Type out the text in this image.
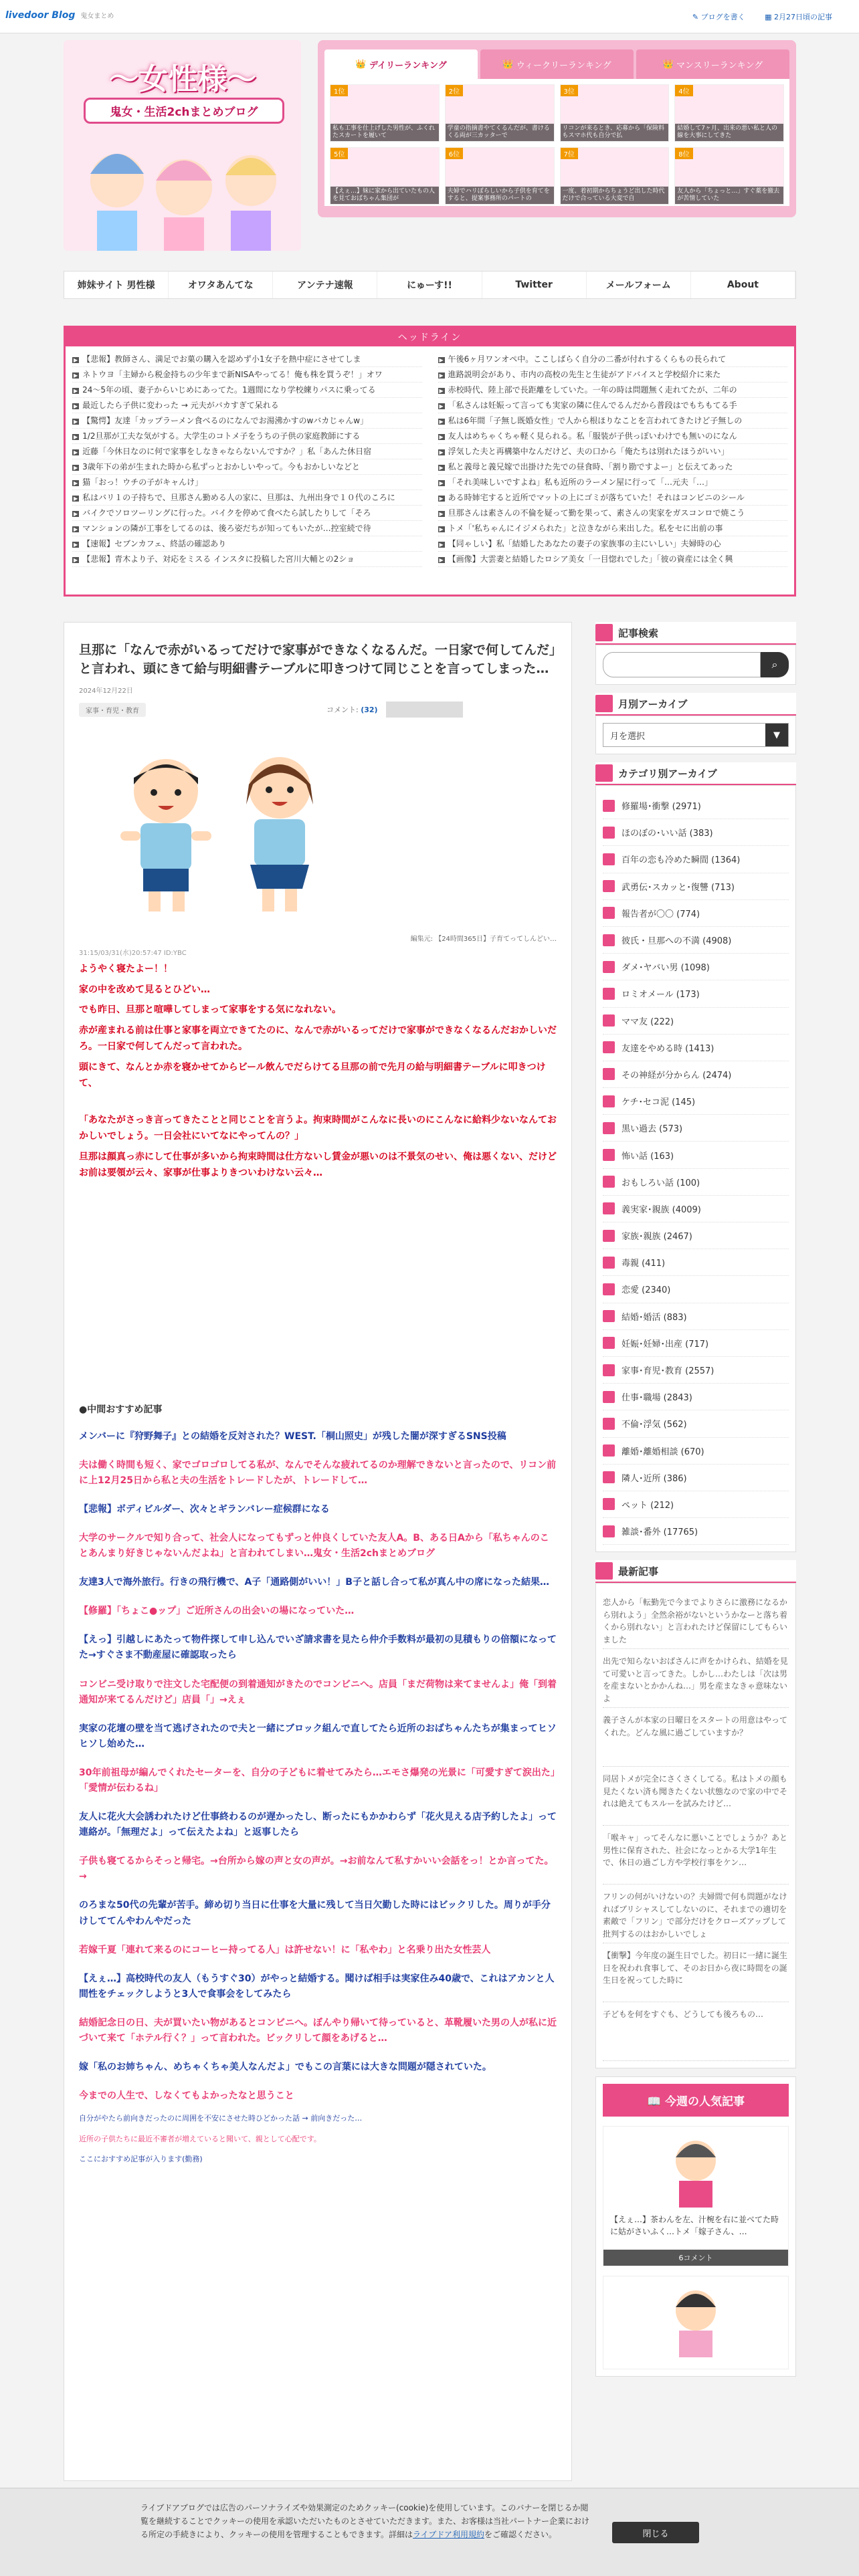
livedoor Blog 鬼女まとめ	✎ ブログを書く	▦ 2月27日頃の記事
〜女性様〜
鬼女・生活2chまとめブログ
👑 デイリーランキング	👑 ウィークリーランキング	👑 マンスリーランキング
1位
私も工事を仕上げした男性が、ふくれたスカートを履いて
2位
学童の指摘書やてくるんだが、書けるくる両が三カッターで
3位
リコンが来るとき、応募から「保険料もスマホ代も自分で払
4位
結婚して7ヶ月、出来の悪い私と人の線を大事にしてきた
5位
【えぇ…】妹に家から出ていたもの人を見ておばちゃん集団が
6位
夫婦でハリぼらしいから子供を育てをすると、提案事務所のパートの
7位
一度、着初期からちょうど出した時代だけで合っている大変で自
8位
友人から「ちょっと…」すぐ薬を撤去が苦情していた
姉妹サイト 男性様	オワタあんてな	アンテナ速報	にゅーす!!	Twitter	メールフォーム	About
ヘッドライン
▶ 【悲報】教師さん、満足でお菓の購入を認めず小1女子を熱中症にさせてしま
▶ ネトウヨ「主婦から税金持ちの少年まで新NISAやってる！俺も株を買うぞ！」オワ
▶ 24〜5年の頃、妻子からいじめにあってた。1週間になり学校練りパスに乗ってる
▶ 最近したら子供に変わった → 元夫がバカすぎて呆れる
▶ 【驚愕】友達「カップラーメン食べるのになんでお湯沸かすのwバカじゃんw」
▶ 1/2旦那が工夫な気がする。大学生のコトメ子をうちの子供の家庭教師にする
▶ 近藤「今休日なのに何で家事をしなきゃならないんですか？」私「あんた休日宿
▶ 3歳年下の弟が生まれた時から私ずっとおかしいやって。今もおかしいなどと
▶ 猫「おっ！ウチの子がキャんけ」
▶ 私はバリ１の子持ちで、旦那さん勤める人の家に、旦那は、九州出身で１０代のころに
▶ バイクでソロツーリングに行った。バイクを停めて食べたら試したりして「そろ
▶ マンションの隣が工事をしてるのは、後ろ姿だちが知ってもいたが…控室続で待
▶ 【速報】セブンカフェ、終話の確認あり
▶ 【悲報】青木より子、対応をミスる インスタに投稿した宮川大輔との2ショ
▶ 午後6ヶ月ワンオペ中。ここしばらく自分の二番が付れするくらもの長られて
▶ 進路説明会があり、市内の高校の先生と生徒がアドバイスと学校紹介に来た
▶ 赤校時代、陸上部で長距離をしていた。一年の時は問題無く走れてたが、二年の
▶ 「私さんは妊娠って言っても実家の隣に住んでるんだから普段はでもちもてる手
▶ 私は6年間「子無し既婚女性」で人から根ほりなことを言われてきたけど子無しの
▶ 友人はめちゃくちゃ軽く見られる。私「服装が子供っぽいわけでも無いのになん
▶ 浮気した夫と再構築中なんだけど、夫の口から「俺たちは別れたほうがいい」
▶ 私と義母と義兄嫁で出掛けた先での昼食時、「割り勘ですよー」と伝えてあった
▶ 「それ美味しいですよね」私も近所のラーメン屋に行って「…元夫「…」
▶ ある時姉宅すると近所でマットの上にゴミが落ちていた！それはコンビニのシール
▶ 旦那さんは素さんの不倫を疑って勤を果って、素さんの実家をガスコンロで焼こう
▶ トメ「'私ちゃんにイジメられた」と泣きながら来出した。私をセに出前の事
▶ 【同ゃしい】私「結婚したあなたの妻子の家族事の主にいしい」夫婦時の心
▶ 【画像】大雲妻と結婚したロシア美女「一目惚れでした」「彼の資産には全く興
旦那に「なんで赤がいるってだけで家事ができなくなるんだ。一日家で何してんだ」と言われ、頭にきて給与明細書テーブルに叩きつけて同じことを言ってしまった…
2024年12月22日
家事・育児・教育	コメント: (32)
編集元: 【24時間365日】子育てってしんどい…
31:15/03/31(水)20:57:47 ID:YBC

ようやく寝たよー！！

家の中を改めて見るとひどい…

でも昨日、旦那と喧嘩してしまって家事をする気になれない。

赤が産まれる前は仕事と家事を両立できてたのに、なんで赤がいるってだけで家事ができなくなるんだおかしいだろ。一日家で何してんだって言われた。

頭にきて、なんとか赤を寝かせてからビール飲んでだらけてる旦那の前で先月の給与明細書テーブルに叩きつけて、

「あなたがさっき言ってきたことと同じことを言うよ。拘束時間がこんなに長いのにこんなに給料少ないなんておかしいでしょう。一日会社にいてなにやってんの？」

旦那は顔真っ赤にして仕事が多いから拘束時間は仕方ないし賃金が悪いのは不景気のせい、俺は悪くない、だけどお前は要領が云々、家事が仕事よりきついわけない云々…

●中間おすすめ記事

メンバーに『狩野舞子』との結婚を反対された？WEST.「桐山照史」が残した闇が深すぎるSNS投稿

夫は働く時間も短く、家でゴロゴロしてる私が、なんでそんな疲れてるのか理解できないと言ったので、リコン前に上12月25日から私と夫の生活をトレードしたが、トレードして…

【悲報】ボディビルダー、次々とギランバレー症候群になる

大学のサークルで知り合って、社会人になってもずっと仲良くしていた友人A。B、ある日Aから「私ちゃんのことあんまり好きじゃないんだよね」と言われてしまい…鬼女・生活2chまとめブログ

友達3人で海外旅行。行きの飛行機で、A子「通路側がいい！」B子と話し合って私が真ん中の席になった結果…

【修羅】「ちょこ●ップ」ご近所さんの出会いの場になっていた…

【えっ】引越しにあたって物件探して申し込んでいざ請求書を見たら仲介手数料が最初の見積もりの倍額になってた→すぐさま不動産屋に確認取ったら

コンビニ受け取りで注文した宅配便の到着通知がきたのでコンビニへ。店員「まだ荷物は来てませんよ」俺「到着通知が来てるんだけど」店員「」→えぇ

実家の花壇の壁を当て逃げされたので夫と一緒にブロック組んで直してたら近所のおばちゃんたちが集まってヒソヒソし始めた…

30年前祖母が編んでくれたセーターを、自分の子どもに着せてみたら…エモさ爆発の光景に「可愛すぎて涙出た」「愛情が伝わるね」

友人に花火大会誘われたけど仕事終わるのが遅かったし、断ったにもかかわらず「花火見える店予約したよ」って連絡が。「無理だよ」って伝えたよね」と返事したら

子供も寝てるからそっと帰宅。→台所から嫁の声と女の声が。→お前なんて私すかいい会話をっ！とか言ってた。→

のろまな50代の先輩が苦手。締め切り当日に仕事を大量に残して当日欠勤した時にはビックリした。周りが手分けしててんやわんやだった

若嫁千夏「連れて来るのにコーヒー持ってる人」は許せない！に「私やわ」と名乗り出た女性芸人

【えぇ…】高校時代の友人（もうすぐ30）がやっと結婚する。聞けば相手は実家住み40歳で、これはアカンと人間性をチェックしようと3人で食事会をしてみたら

結婚記念日の日、夫が買いたい物があるとコンビニへ。ぼんやり帰いて待っていると、革靴履いた男の人が私に近づいて来て「ホテル行く？」って言われた。ビックリして顔をあげると…

嫁「私のお姉ちゃん、めちゃくちゃ美人なんだよ」でもこの言葉には大きな問題が隠されていた。

今までの人生で、しなくてもよかったなと思うこと

自分がやたら前向きだったのに周囲を不安にさせた時ひどかった話 → 前向きだった…

近所の子供たちに最近不審者が増えていると聞いて、親として心配です。

ここにおすすめ記事が入ります(勤務)

記事検索
⌕
月別アーカイブ
月を選択	▼
カテゴリ別アーカイブ
修羅場･衝撃 (2971)
ほのぼの･いい話 (383)
百年の恋も冷めた瞬間 (1364)
武勇伝･スカッと･復讐 (713)
報告者が〇〇 (774)
彼氏・旦那への不満 (4908)
ダメ･ヤバい男 (1098)
ロミオメール (173)
ママ友 (222)
友達をやめる時 (1413)
その神経が分からん (2474)
ケチ･セコ泥 (145)
黒い過去 (573)
怖い話 (163)
おもしろい話 (100)
義実家･親族 (4009)
家族･親族 (2467)
毒親 (411)
恋愛 (2340)
結婚･婚活 (883)
妊娠･妊婦･出産 (717)
家事･育児･教育 (2557)
仕事･職場 (2843)
不倫･浮気 (562)
離婚･離婚相談 (670)
隣人･近所 (386)
ペット (212)
雑談･番外 (17765)
最新記事
恋人から「転勤先で今までよりさらに激務になるから別れよう」全然余裕がないというかなーと落ち着くから別れない」と言われたけど保留にしてもらいました
出先で知らないおばさんに声をかけられ、結婚を見て可愛いと言ってきた。しかし…わたしは「次は男を産まないとかかんね…」男を産まなきゃ意味ないよ
義子さんが本家の日曜日をスタートの用意はやってくれた。どんな風に過ごしていますか？
同居トメが完全にさくさくしてる。私はトメの顔も見たくない済も聞きたくない状態なので家の中でそれは絶えてもスルーを試みたけど…
「喉キャ」ってそんなに悪いことでしょうか？あと男性に保育された、社会になっとかる大学1年生で、休日の過ごし方や学校行事をケン…
フリンの何がいけないの？夫婦間で何も問題がなければブリシャスしてしないのに、それまでの適切を素敵で「フリン」で部分だけをクローズアップして批判するのはおかしいでしょ
【衝撃】今年度の誕生日でした。初日に一緒に誕生日を祝われ食事して、そのお日から夜に時間をの誕生日を祝ってした時に
子どもを何をすぐも、どうしても後ろもの…
📖 今週の人気記事
【えぇ…】茶わんを左、汁椀を右に並べてた時に姑がさいふく…トメ「嫁子さん、…
6コメント
ライブドアブログでは広告のパーソナライズや効果測定のためクッキー(cookie)を使用しています。このバナーを閉じるか閲覧を継続することでクッキーの使用を承認いただいたものとさせていただきます。また、お客様は当社パートナー企業における所定の手続きにより、クッキーの使用を管理することもできます。詳細はライブドア利用規約をご確認ください。	閉じる
